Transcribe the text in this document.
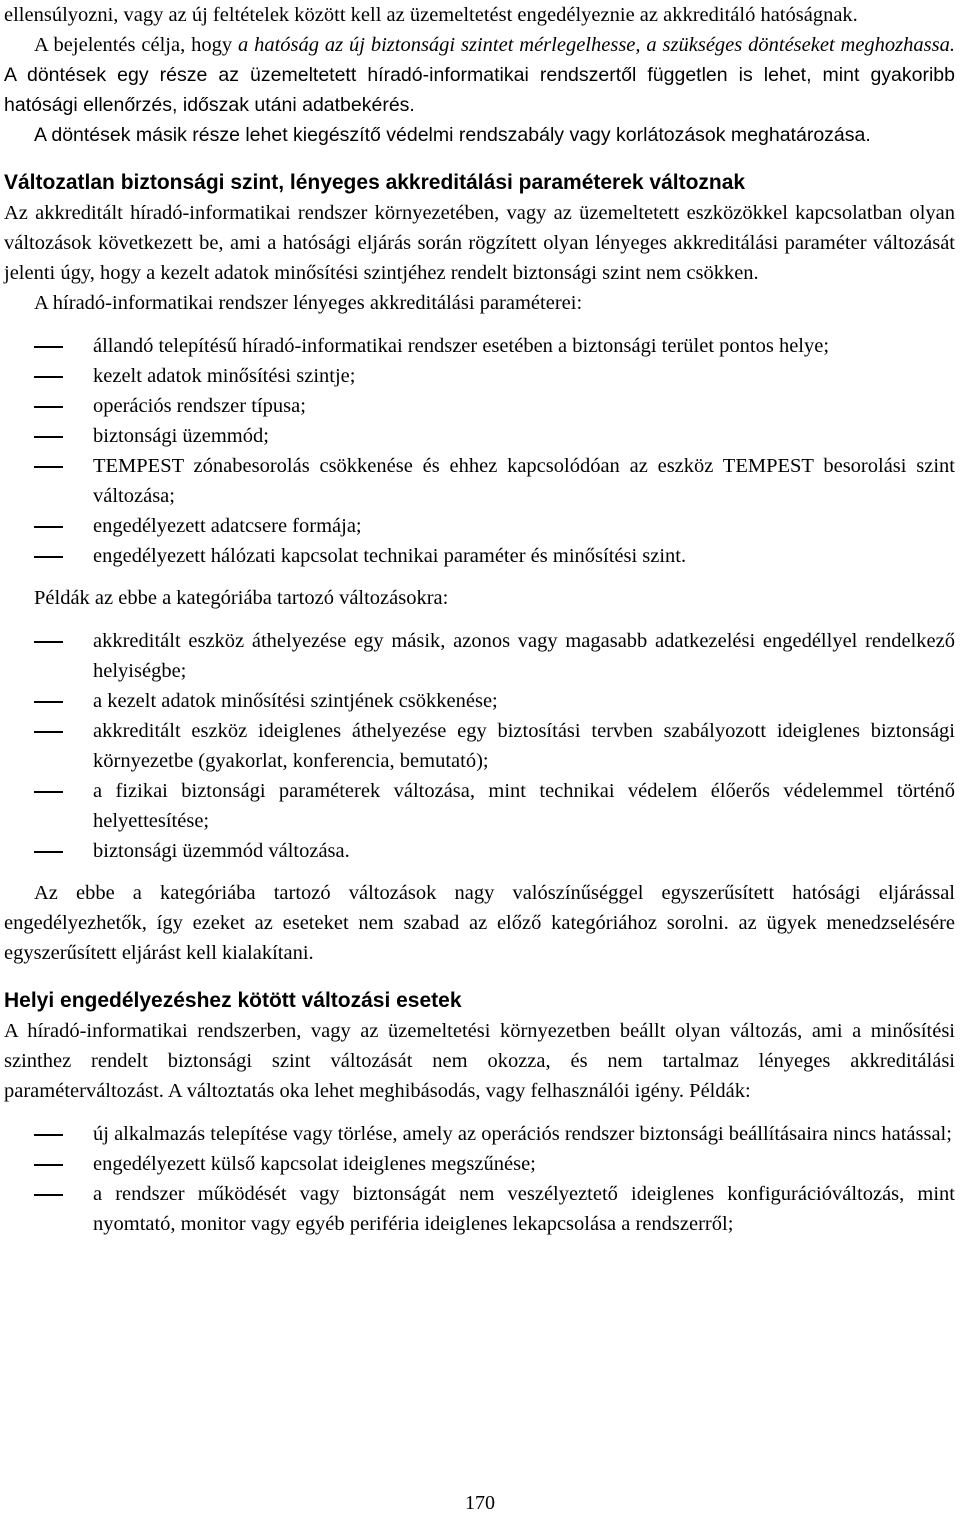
ellensúlyozni, vagy az új feltételek között kell az üzemeltetést engedélyeznie az akkreditáló hatóságnak.

A bejelentés célja, hogy a hatóság az új biztonsági szintet mérlegelhesse, a szükséges döntéseket meghozhassa. A döntések egy része az üzemeltetett híradó-informatikai rendszertől független is lehet, mint gyakoribb hatósági ellenőrzés, időszak utáni adatbekérés.

A döntések másik része lehet kiegészítő védelmi rendszabály vagy korlátozások meghatározása.

Változatlan biztonsági szint, lényeges akkreditálási paraméterek változnak

Az akkreditált híradó-informatikai rendszer környezetében, vagy az üzemeltetett eszközökkel kapcsolatban olyan változások következett be, ami a hatósági eljárás során rögzített olyan lényeges akkreditálási paraméter változását jelenti úgy, hogy a kezelt adatok minősítési szintjéhez rendelt biztonsági szint nem csökken.

A híradó-informatikai rendszer lényeges akkreditálási paraméterei:

állandó telepítésű híradó-informatikai rendszer esetében a biztonsági terület pontos helye;
kezelt adatok minősítési szintje;
operációs rendszer típusa;
biztonsági üzemmód;
TEMPEST zónabesorolás csökkenése és ehhez kapcsolódóan az eszköz TEMPEST besorolási szint változása;
engedélyezett adatcsere formája;
engedélyezett hálózati kapcsolat technikai paraméter és minősítési szint.

Példák az ebbe a kategóriába tartozó változásokra:

akkreditált eszköz áthelyezése egy másik, azonos vagy magasabb adatkezelési engedéllyel rendelkező helyiségbe;
a kezelt adatok minősítési szintjének csökkenése;
akkreditált eszköz ideiglenes áthelyezése egy biztosítási tervben szabályozott ideiglenes biztonsági környezetbe (gyakorlat, konferencia, bemutató);
a fizikai biztonsági paraméterek változása, mint technikai védelem élőerős védelemmel történő helyettesítése;
biztonsági üzemmód változása.

Az ebbe a kategóriába tartozó változások nagy valószínűséggel egyszerűsített hatósági eljárással engedélyezhetők, így ezeket az eseteket nem szabad az előző kategóriához sorolni. az ügyek menedzselésére egyszerűsített eljárást kell kialakítani.

Helyi engedélyezéshez kötött változási esetek

A híradó-informatikai rendszerben, vagy az üzemeltetési környezetben beállt olyan változás, ami a minősítési szinthez rendelt biztonsági szint változását nem okozza, és nem tartalmaz lényeges akkreditálási paraméterváltozást. A változtatás oka lehet meghibásodás, vagy felhasználói igény. Példák:

új alkalmazás telepítése vagy törlése, amely az operációs rendszer biztonsági beállításaira nincs hatással;
engedélyezett külső kapcsolat ideiglenes megszűnése;
a rendszer működését vagy biztonságát nem veszélyeztető ideiglenes konfigurációváltozás, mint nyomtató, monitor vagy egyéb periféria ideiglenes lekapcsolása a rendszerről;
170
